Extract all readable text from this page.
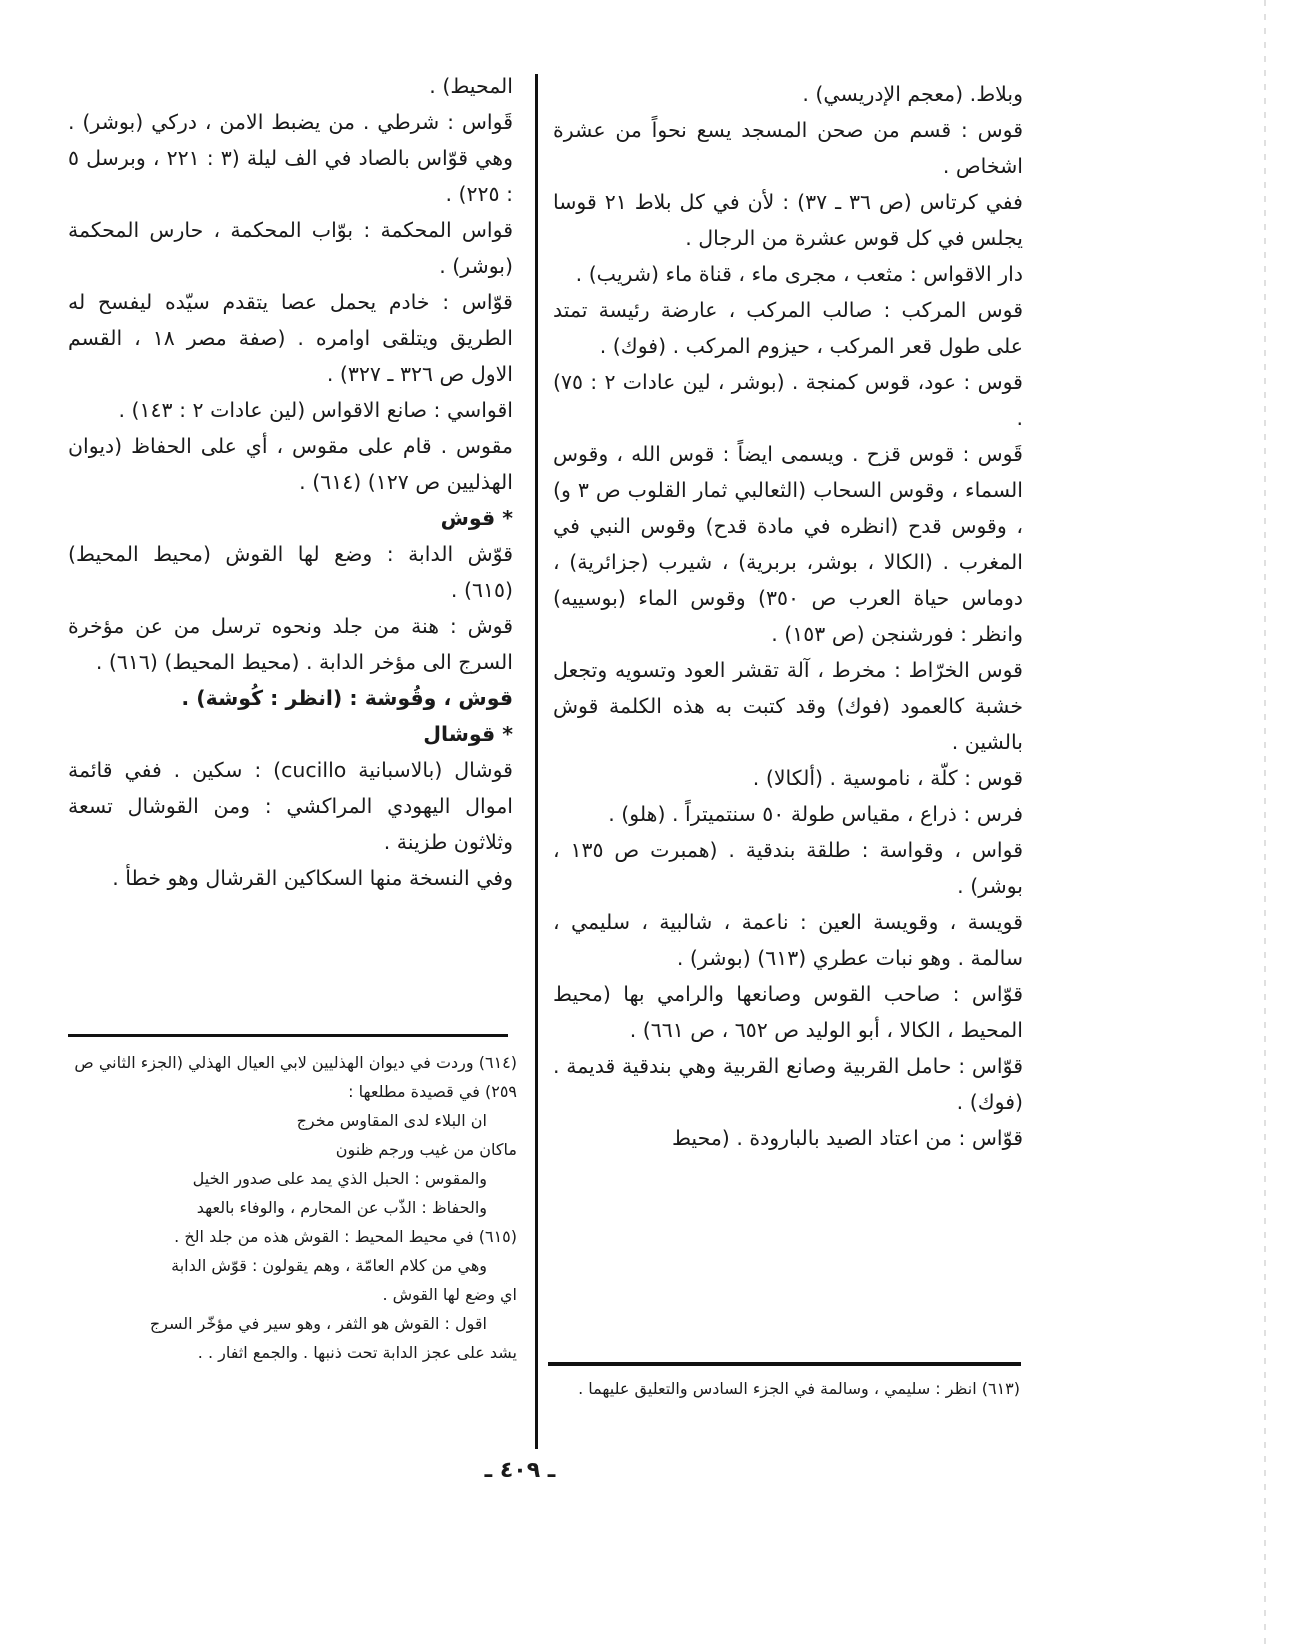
وبلاط. (معجم الإدريسي) .

قوس : قسم من صحن المسجد يسع نحواً من عشرة اشخاص .

ففي كرتاس (ص ٣٦ ـ ٣٧) : لأن في كل بلاط ٢١ قوسا يجلس في كل قوس عشرة من الرجال .

دار الاقواس : مثعب ، مجرى ماء ، قناة ماء (شريب) .

قوس المركب : صالب المركب ، عارضة رئيسة تمتد على طول قعر المركب ، حيزوم المركب . (فوك) .

قوس : عود، قوس كمنجة . (بوشر ، لين عادات ٢ : ٧٥) .

قَوس : قوس قزح . ويسمى ايضاً : قوس الله ، وقوس السماء ، وقوس السحاب (الثعالبي ثمار القلوب ص ٣ و) ، وقوس قدح (انظره في مادة قدح) وقوس النبي في المغرب . (الكالا ، بوشر، بربرية) ، شيرب (جزائرية) ، دوماس حياة العرب ص ٣٥٠) وقوس الماء (بوسييه) وانظر : فورشنجن (ص ١٥٣) .

قوس الخرّاط : مخرط ، آلة تقشر العود وتسويه وتجعل خشبة كالعمود (فوك) وقد كتبت به هذه الكلمة قوش بالشين .

قوس : كلّة ، ناموسية . (ألكالا) .

فرس : ذراع ، مقياس طولة ٥٠ سنتميتراً . (هلو) .

قواس ، وقواسة : طلقة بندقية . (همبرت ص ١٣٥ ، بوشر) .

قويسة ، وقويسة العين : ناعمة ، شالبية ، سليمي ، سالمة . وهو نبات عطري (٦١٣) (بوشر) .

قوّاس : صاحب القوس وصانعها والرامي بها (محيط المحيط ، الكالا ، أبو الوليد ص ٦٥٢ ، ص ٦٦١) .

قوّاس : حامل القربية وصانع القربية وهي بندقية قديمة . (فوك) .

قوّاس : من اعتاد الصيد بالبارودة . (محيط

المحيط) .

قَواس : شرطي . من يضبط الامن ، دركي (بوشر) . وهي قوّاس بالصاد في الف ليلة (٣ : ٢٢١ ، وبرسل ٥ : ٢٢٥) .

قواس المحكمة : بوّاب المحكمة ، حارس المحكمة (بوشر) .

قوّاس : خادم يحمل عصا يتقدم سيّده ليفسح له الطريق ويتلقى اوامره . (صفة مصر ١٨ ، القسم الاول ص ٣٢٦ ـ ٣٢٧) .

اقواسي : صانع الاقواس (لين عادات ٢ : ١٤٣) .

مقوس . قام على مقوس ، أي على الحفاظ (ديوان الهذليين ص ١٢٧) (٦١٤) .

* قوش

قوّش الدابة : وضع لها القوش (محيط المحيط) (٦١٥) .

قوش : هنة من جلد ونحوه ترسل من عن مؤخرة السرج الى مؤخر الدابة . (محيط المحيط) (٦١٦) .

قوش ، وقُوشة : (انظر : كُوشة) .

* قوشال

قوشال (بالاسبانية cucillo) : سكين . ففي قائمة اموال اليهودي المراكشي : ومن القوشال تسعة وثلاثون طزينة .

وفي النسخة منها السكاكين القرشال وهو خطأ .

(٦١٤) وردت في ديوان الهذليين لابي العيال الهذلي (الجزء الثاني ص ٢٥٩) في قصيدة مطلعها :

ان البلاء لدى المقاوس مخرج

ماكان من غيب ورجم ظنون

والمقوس : الحبل الذي يمد على صدور الخيل

والحفاظ : الذّب عن المحارم ، والوفاء بالعهد

(٦١٥) في محيط المحيط : القوش هذه من جلد الخ .

وهي من كلام العامّة ، وهم يقولون : قوّش الدابة

اي وضع لها القوش .

اقول : القوش هو الثفر ، وهو سير في مؤخّر السرج

يشد على عجز الدابة تحت ذنبها . والجمع اثفار . .

(٦١٣) انظر : سليمي ، وسالمة في الجزء السادس والتعليق عليهما .

ـ ٤٠٩ ـ
